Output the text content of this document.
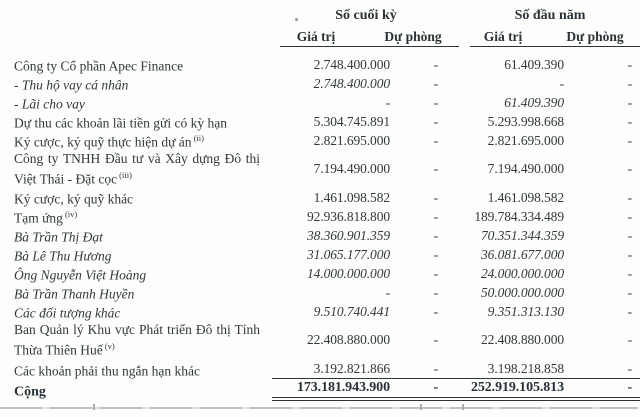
Số cuối kỳ
Giá trị	Dự phòng
Số đầu năm
Giá trị	Dự phòng
Công ty Cổ phần Apec Finance	2.748.400.000	-	61.409.390	-
- Thu hộ vay cá nhân	2.748.400.000	-	-	-
- Lãi cho vay	-	-	61.409.390	-
Dự thu các khoản lãi tiền gửi có kỳ hạn	5.304.745.891	-	5.293.998.668	-
Ký cược, ký quỹ thực hiện dự án $^{(ii)}$	2.821.695.000	-	2.821.695.000	-
Công ty TNHH Đầu tư và Xây dựng Đô thị Việt Thái - Đặt cọc $^{(iii)}$	7.194.490.000	-	7.194.490.000	-
Ký cược, ký quỹ khác	1.461.098.582	-	1.461.098.582	-
Tạm ứng $^{(iv)}$	92.936.818.800	-	189.784.334.489	-
Bà Trần Thị Đạt	38.360.901.359	-	70.351.344.359	-
Bà Lê Thu Hương	31.065.177.000	-	36.081.677.000	-
Ông Nguyễn Việt Hoàng	14.000.000.000	-	24.000.000.000	-
Bà Trần Thanh Huyền	-	-	50.000.000.000	-
Các đối tượng khác	9.510.740.441	-	9.351.313.130	-
Ban Quản lý Khu vực Phát triển Đô thị Tỉnh Thừa Thiên Huế $^{(v)}$	22.408.880.000	-	22.408.880.000	-
Các khoản phải thu ngắn hạn khác	3.192.821.866	-	3.198.218.858	-
Cộng	173.181.943.900	-	252.919.105.813	-
